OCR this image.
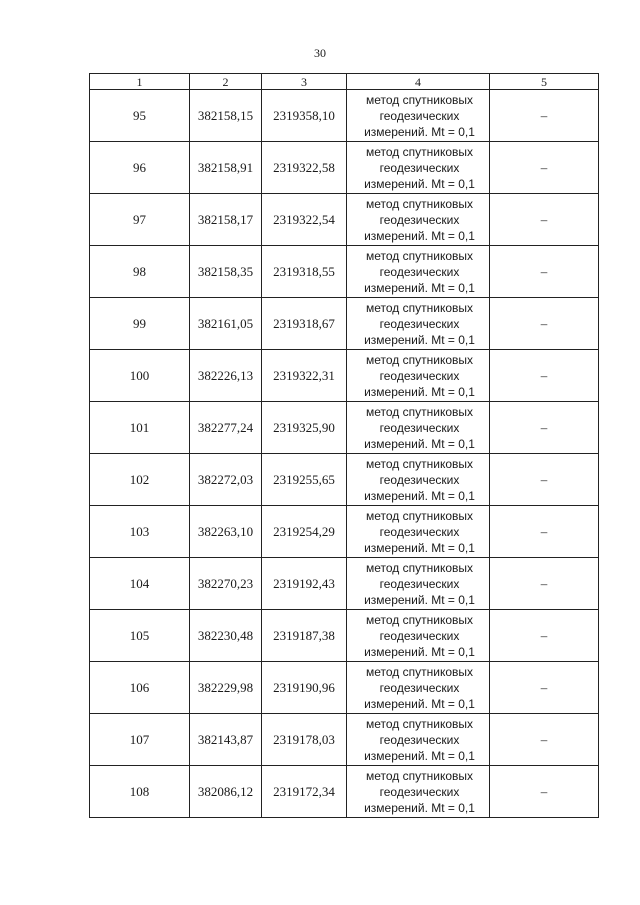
30
1	2	3	4	5
95	382158,15	2319358,10	метод спутниковых
геодезических
измерений. Mt = 0,1	–
96	382158,91	2319322,58	метод спутниковых
геодезических
измерений. Mt = 0,1	–
97	382158,17	2319322,54	метод спутниковых
геодезических
измерений. Mt = 0,1	–
98	382158,35	2319318,55	метод спутниковых
геодезических
измерений. Mt = 0,1	–
99	382161,05	2319318,67	метод спутниковых
геодезических
измерений. Mt = 0,1	–
100	382226,13	2319322,31	метод спутниковых
геодезических
измерений. Mt = 0,1	–
101	382277,24	2319325,90	метод спутниковых
геодезических
измерений. Mt = 0,1	–
102	382272,03	2319255,65	метод спутниковых
геодезических
измерений. Mt = 0,1	–
103	382263,10	2319254,29	метод спутниковых
геодезических
измерений. Mt = 0,1	–
104	382270,23	2319192,43	метод спутниковых
геодезических
измерений. Mt = 0,1	–
105	382230,48	2319187,38	метод спутниковых
геодезических
измерений. Mt = 0,1	–
106	382229,98	2319190,96	метод спутниковых
геодезических
измерений. Mt = 0,1	–
107	382143,87	2319178,03	метод спутниковых
геодезических
измерений. Mt = 0,1	–
108	382086,12	2319172,34	метод спутниковых
геодезических
измерений. Mt = 0,1	–
